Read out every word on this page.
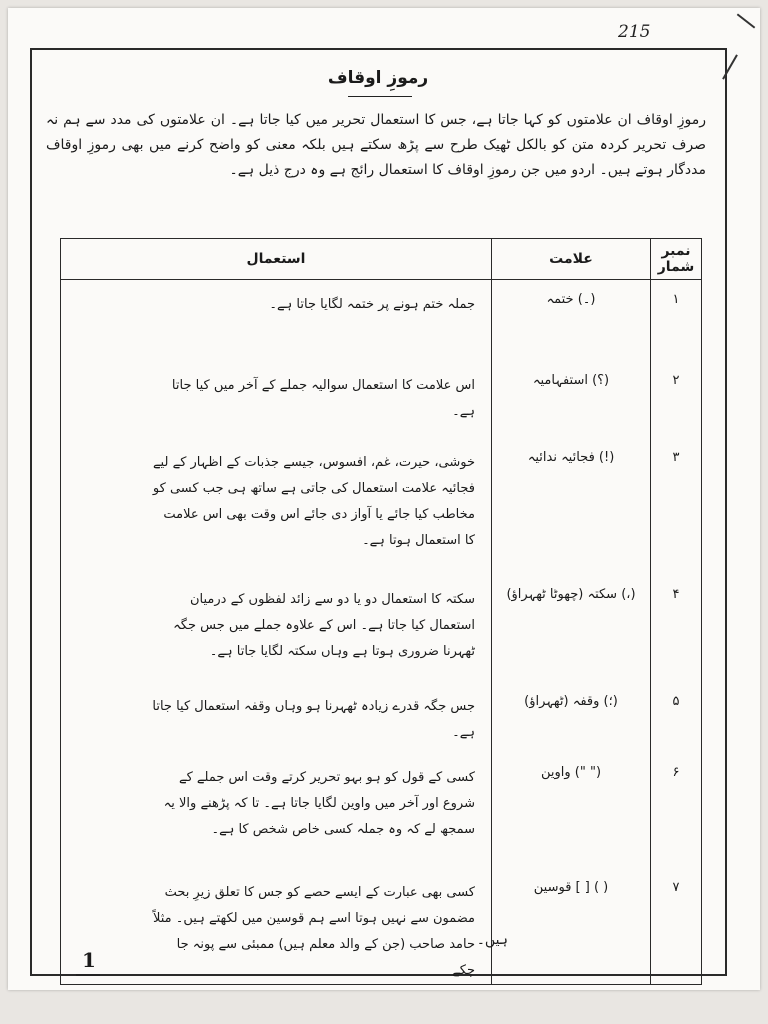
215
رموزِ اوقاف
رموزِ اوقاف ان علامتوں کو کہا جاتا ہے، جس کا استعمال تحریر میں کیا جاتا ہے۔ ان علامتوں کی مدد سے ہم نہ صرف تحریر کردہ متن کو بالکل ٹھیک طرح سے پڑھ سکتے ہیں بلکہ معنی کو واضح کرنے میں بھی رموزِ اوقاف مددگار ہوتے ہیں۔ اردو میں جن رموزِ اوقاف کا استعمال رائج ہے وہ درج ذیل ہے۔
نمبر شمار	علامت	استعمال
۱	(۔) ختمہ	جملہ ختم ہونے پر ختمہ لگایا جاتا ہے۔
۲	(؟) استفہامیہ	اس علامت کا استعمال سوالیہ جملے کے آخر میں کیا جاتا ہے۔
۳	(!) فجائیہ ندائیہ	خوشی، حیرت، غم، افسوس، جیسے جذبات کے اظہار کے لیے فجائیہ علامت استعمال کی جاتی ہے ساتھ ہی جب کسی کو مخاطب کیا جائے یا آواز دی جائے اس وقت بھی اس علامت کا استعمال ہوتا ہے۔
۴	(،) سکتہ (چھوٹا ٹھہراؤ)	سکتہ کا استعمال دو یا دو سے زائد لفظوں کے درمیان استعمال کیا جاتا ہے۔ اس کے علاوہ جملے میں جس جگہ ٹھہرنا ضروری ہوتا ہے وہاں سکتہ لگایا جاتا ہے۔
۵	(؛) وقفہ (ٹھہراؤ)	جس جگہ قدرے زیادہ ٹھہرنا ہو وہاں وقفہ استعمال کیا جاتا ہے۔
۶	(" ") واوین	کسی کے قول کو ہو بہو تحریر کرتے وقت اس جملے کے شروع اور آخر میں واوین لگایا جاتا ہے۔ تا کہ پڑھنے والا یہ سمجھ لے کہ وہ جملہ کسی خاص شخص کا ہے۔
۷	( ) [ ] قوسین	کسی بھی عبارت کے ایسے حصے کو جس کا تعلق زیرِ بحث مضمون سے نہیں ہوتا اسے ہم قوسین میں لکھتے ہیں۔ مثلاً حامد صاحب (جن کے والد معلم ہیں) ممبئی سے پونہ جا چکے
ہیں۔
1
